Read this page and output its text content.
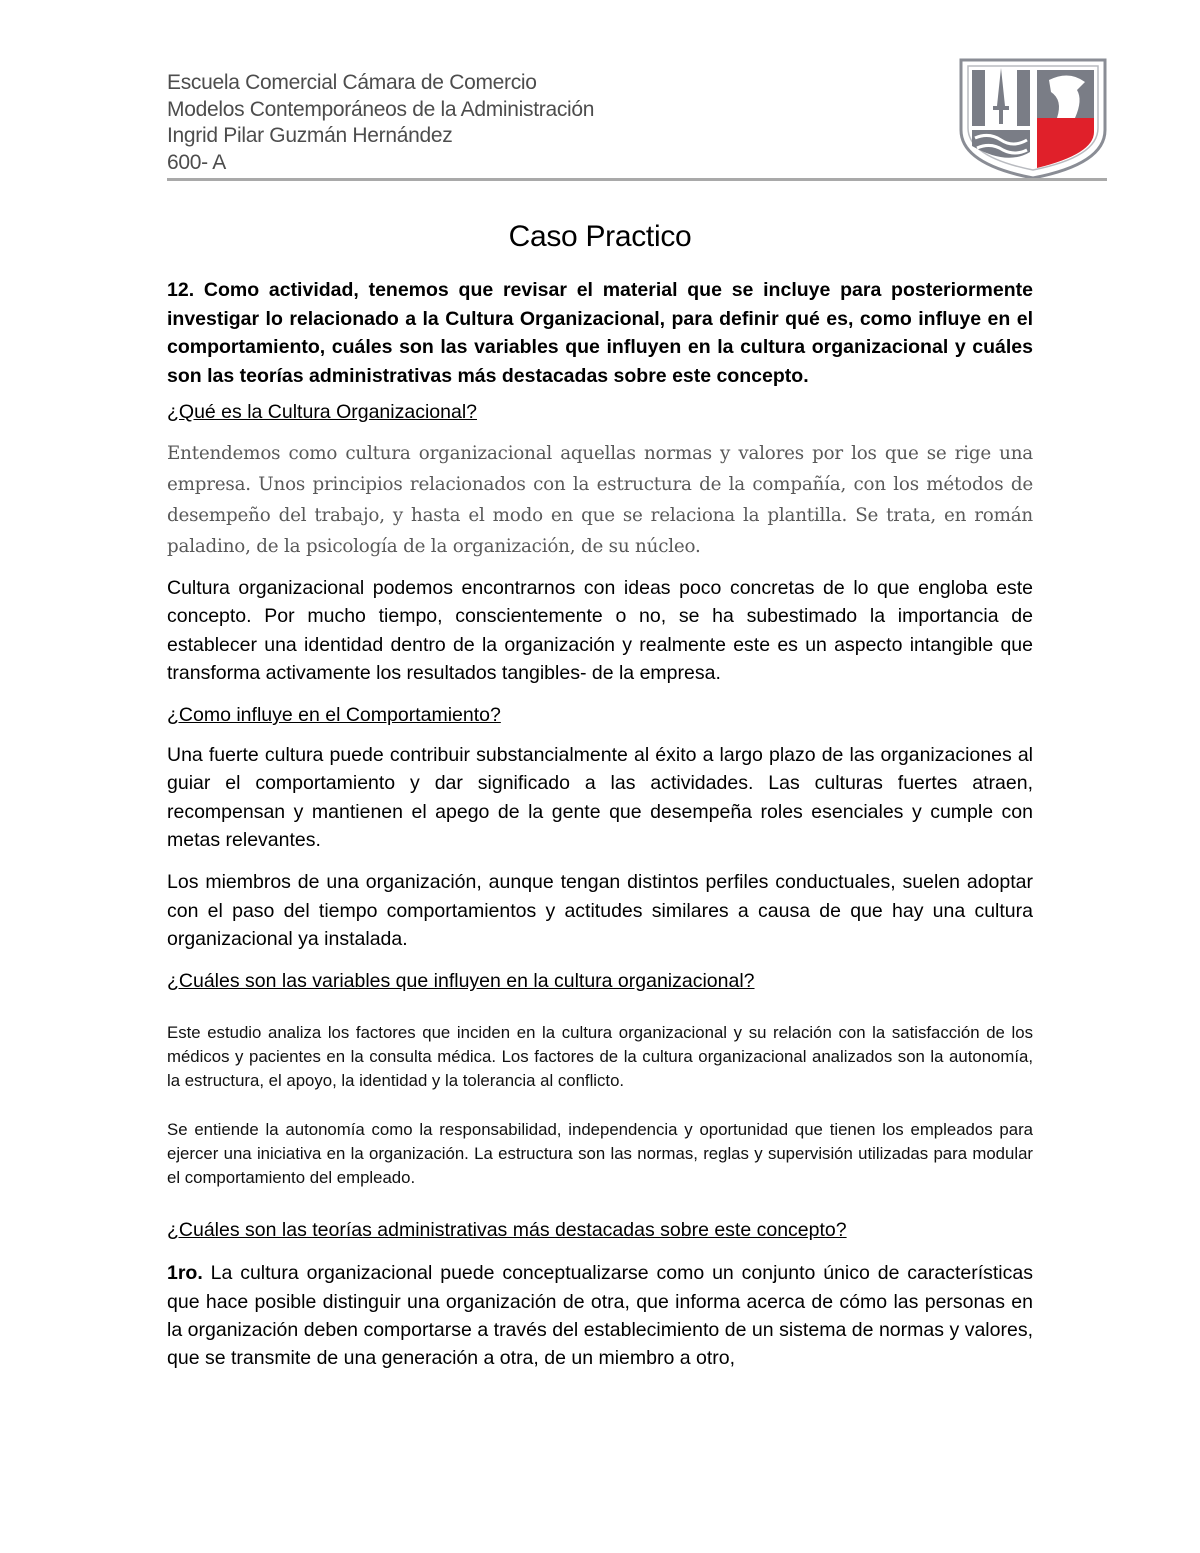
Escuela Comercial Cámara de Comercio
Modelos Contemporáneos de la Administración
Ingrid Pilar Guzmán Hernández
600- A
Caso Practico

12. Como actividad, tenemos que revisar el material que se incluye para posteriormente investigar lo relacionado a la Cultura Organizacional, para definir qué es, como influye en el comportamiento, cuáles son las variables que influyen en la cultura organizacional y cuáles son las teorías administrativas más destacadas sobre este concepto.

¿Qué es la Cultura Organizacional?

Entendemos como cultura organizacional aquellas normas y valores por los que se rige una empresa. Unos principios relacionados con la estructura de la compañía, con los métodos de desempeño del trabajo, y hasta el modo en que se relaciona la plantilla. Se trata, en román paladino, de la psicología de la organización, de su núcleo.

Cultura organizacional podemos encontrarnos con ideas poco concretas de lo que engloba este concepto. Por mucho tiempo, conscientemente o no, se ha subestimado la importancia de establecer una identidad dentro de la organización y realmente este es un aspecto intangible que transforma activamente los resultados tangibles- de la empresa.

¿Como influye en el Comportamiento?

Una fuerte cultura puede contribuir substancialmente al éxito a largo plazo de las organizaciones al guiar el comportamiento y dar significado a las actividades. Las culturas fuertes atraen, recompensan y mantienen el apego de la gente que desempeña roles esenciales y cumple con metas relevantes.

Los miembros de una organización, aunque tengan distintos perfiles conductuales, suelen adoptar con el paso del tiempo comportamientos y actitudes similares a causa de que hay una cultura organizacional ya instalada.

¿Cuáles son las variables que influyen en la cultura organizacional?

Este estudio analiza los factores que inciden en la cultura organizacional y su relación con la satisfacción de los médicos y pacientes en la consulta médica. Los factores de la cultura organizacional analizados son la autonomía, la estructura, el apoyo, la identidad y la tolerancia al conflicto.

Se entiende la autonomía como la responsabilidad, independencia y oportunidad que tienen los empleados para ejercer una iniciativa en la organización. La estructura son las normas, reglas y supervisión utilizadas para modular el comportamiento del empleado.

¿Cuáles son las teorías administrativas más destacadas sobre este concepto?

1ro. La cultura organizacional puede conceptualizarse como un conjunto único de características que hace posible distinguir una organización de otra, que informa acerca de cómo las personas en la organización deben comportarse a través del establecimiento de un sistema de normas y valores, que se transmite de una generación a otra, de un miembro a otro,
